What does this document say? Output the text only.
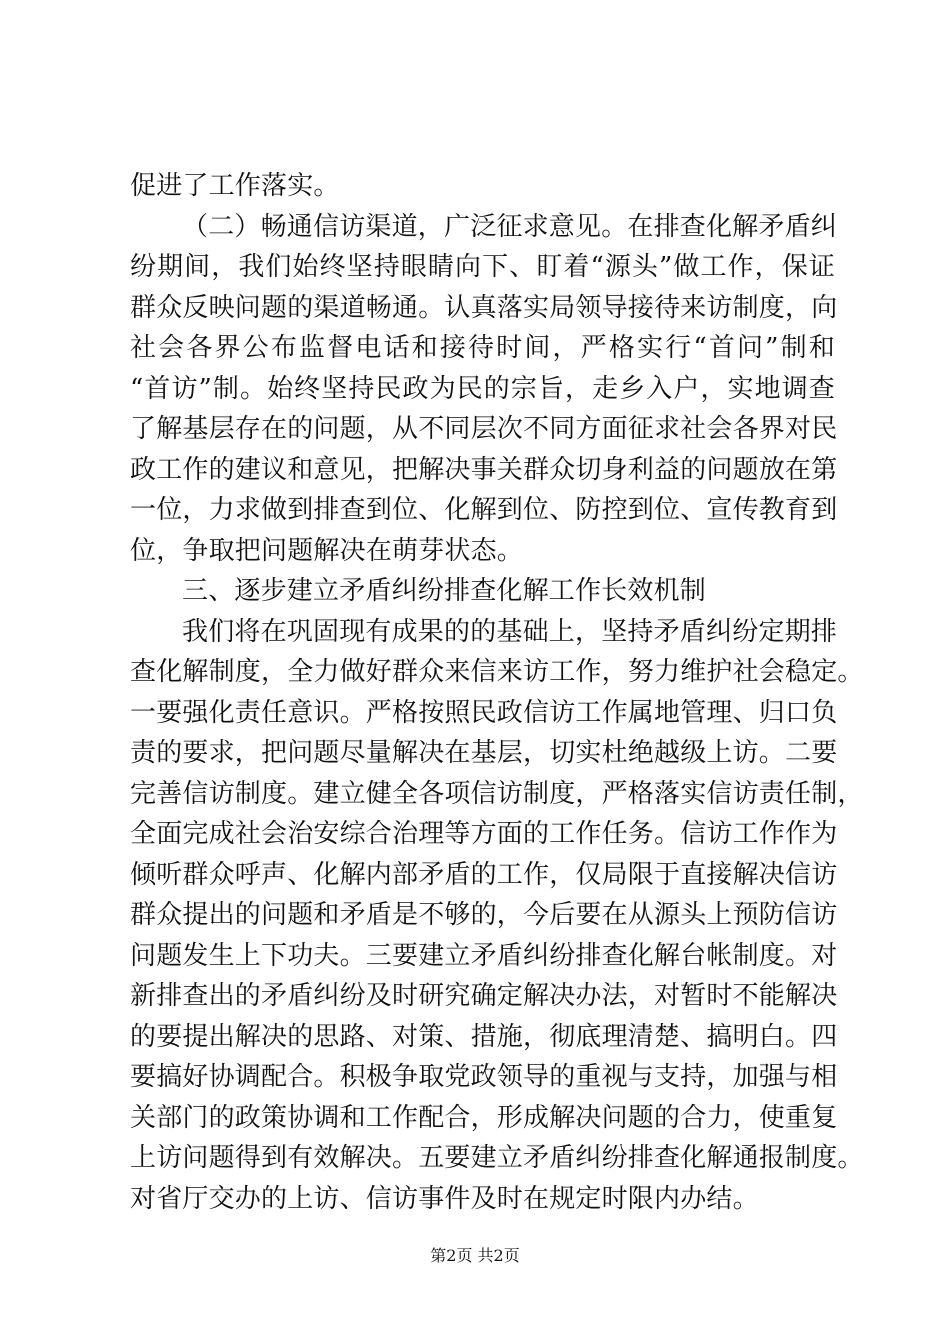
促进了工作落实。
（二）畅通信访渠道，广泛征求意见。在排查化解矛盾纠
纷期间，我们始终坚持眼睛向下、盯着“源头”做工作，保证
群众反映问题的渠道畅通。认真落实局领导接待来访制度，向
社会各界公布监督电话和接待时间，严格实行“首问”制和
“首访”制。始终坚持民政为民的宗旨，走乡入户，实地调查
了解基层存在的问题，从不同层次不同方面征求社会各界对民
政工作的建议和意见，把解决事关群众切身利益的问题放在第
一位，力求做到排查到位、化解到位、防控到位、宣传教育到
位，争取把问题解决在萌芽状态。
三、逐步建立矛盾纠纷排查化解工作长效机制
我们将在巩固现有成果的的基础上，坚持矛盾纠纷定期排
查化解制度，全力做好群众来信来访工作，努力维护社会稳定。
一要强化责任意识。严格按照民政信访工作属地管理、归口负
责的要求，把问题尽量解决在基层，切实杜绝越级上访。二要
完善信访制度。建立健全各项信访制度，严格落实信访责任制，
全面完成社会治安综合治理等方面的工作任务。信访工作作为
倾听群众呼声、化解内部矛盾的工作，仅局限于直接解决信访
群众提出的问题和矛盾是不够的，今后要在从源头上预防信访
问题发生上下功夫。三要建立矛盾纠纷排查化解台帐制度。对
新排查出的矛盾纠纷及时研究确定解决办法，对暂时不能解决
的要提出解决的思路、对策、措施，彻底理清楚、搞明白。四
要搞好协调配合。积极争取党政领导的重视与支持，加强与相
关部门的政策协调和工作配合，形成解决问题的合力，使重复
上访问题得到有效解决。五要建立矛盾纠纷排查化解通报制度。
对省厅交办的上访、信访事件及时在规定时限内办结。
第2页 共2页
